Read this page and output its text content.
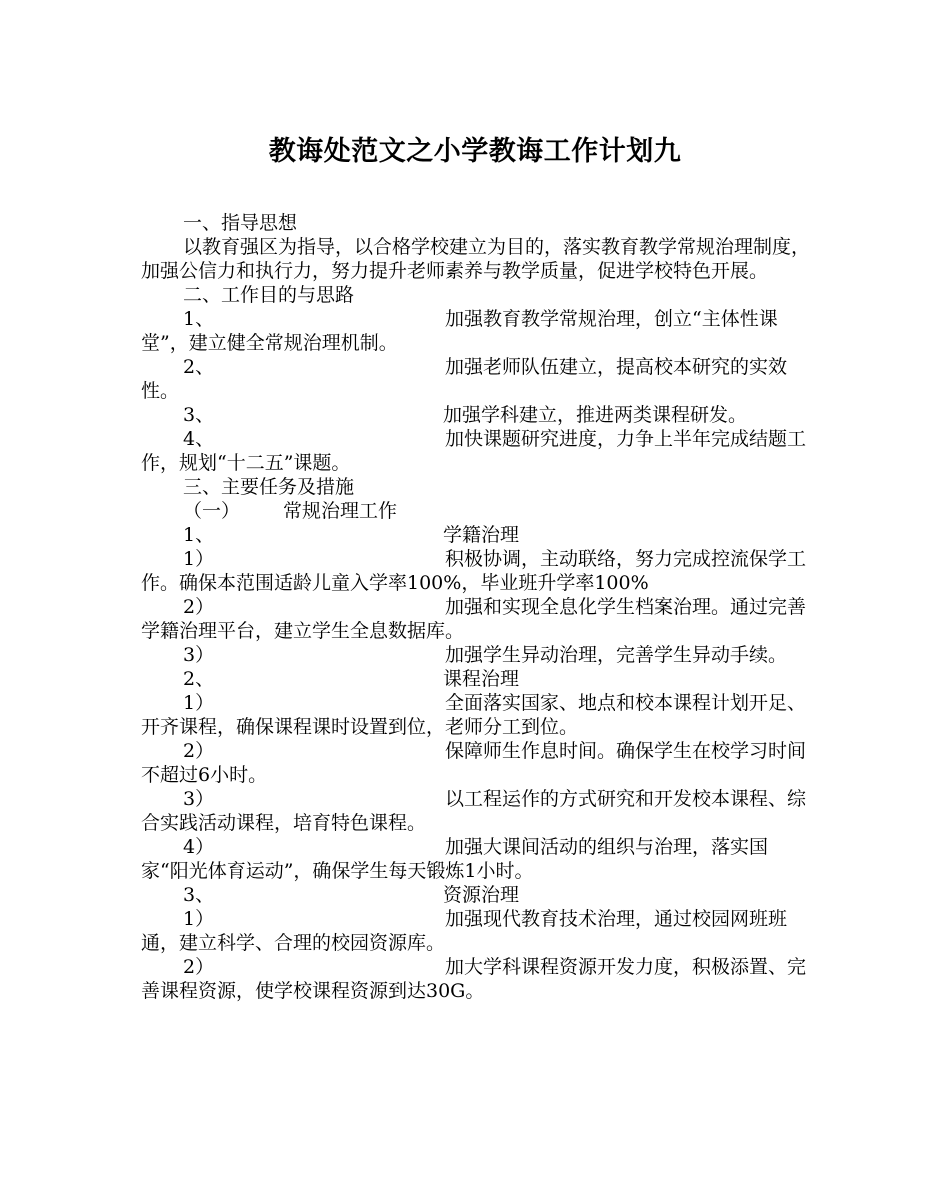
教诲处范文之小学教诲工作计划九

一、指导思想

以教育强区为指导，以合格学校建立为目的，落实教育教学常规治理制度，加强公信力和执行力，努力提升老师素养与教学质量，促进学校特色开展。

二、工作目的与思路

1、	加强教育教学常规治理，创立“主体性课堂”，建立健全常规治理机制。

2、	加强老师队伍建立，提高校本研究的实效性。

3、	加强学科建立，推进两类课程研发。

4、	加快课题研究进度，力争上半年完成结题工作，规划“十二五”课题。

三、主要任务及措施

（一） 常规治理工作

1、	学籍治理

1）	积极协调，主动联络，努力完成控流保学工作。确保本范围适龄儿童入学率100%，毕业班升学率100%

2）	加强和实现全息化学生档案治理。通过完善学籍治理平台，建立学生全息数据库。

3）	加强学生异动治理，完善学生异动手续。

2、	课程治理

1）	全面落实国家、地点和校本课程计划开足、开齐课程，确保课程课时设置到位，老师分工到位。

2）	保障师生作息时间。确保学生在校学习时间不超过6小时。

3）	以工程运作的方式研究和开发校本课程、综合实践活动课程，培育特色课程。

4）	加强大课间活动的组织与治理，落实国家“阳光体育运动”，确保学生每天锻炼1小时。

3、	资源治理

1）	加强现代教育技术治理，通过校园网班班通，建立科学、合理的校园资源库。

2）	加大学科课程资源开发力度，积极添置、完善课程资源，使学校课程资源到达30G。
